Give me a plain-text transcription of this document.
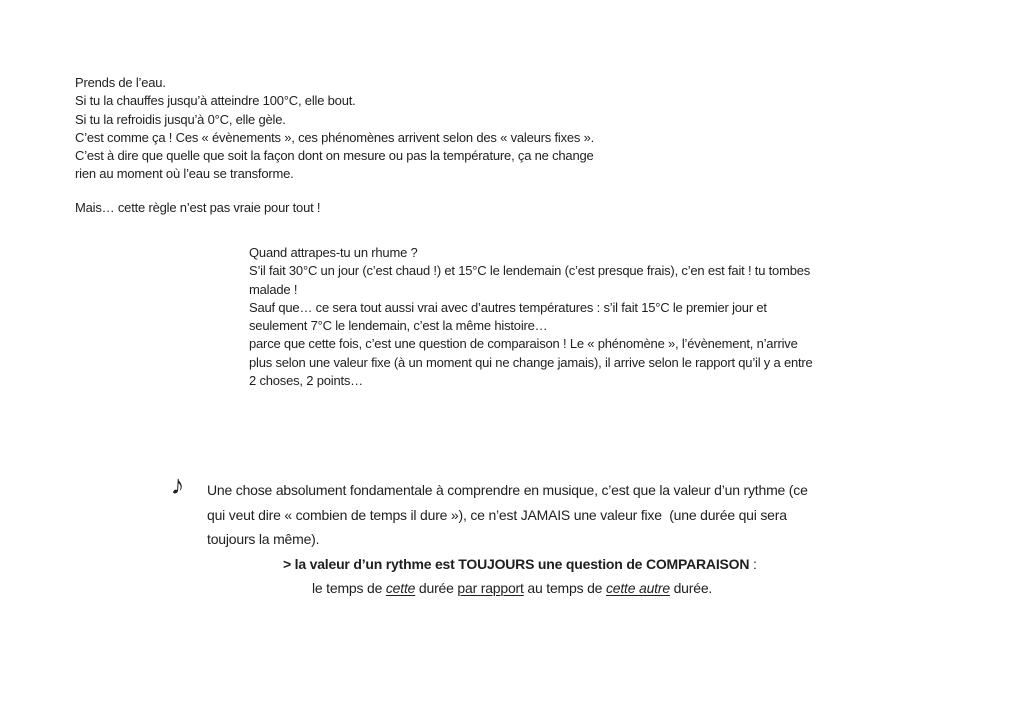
Prends de l’eau.
Si tu la chauffes jusqu’à atteindre 100°C, elle bout.
Si tu la refroidis jusqu’à 0°C, elle gèle.
C’est comme ça ! Ces « évènements », ces phénomènes arrivent selon des « valeurs fixes ».
C’est à dire que quelle que soit la façon dont on mesure ou pas la température, ça ne change
rien au moment où l’eau se transforme.
Mais… cette règle n’est pas vraie pour tout !
Quand attrapes-tu un rhume ?
S’il fait 30°C un jour (c’est chaud !) et 15°C le lendemain (c’est presque frais), c’en est fait ! tu tombes
malade !
Sauf que… ce sera tout aussi vrai avec d’autres températures : s’il fait 15°C le premier jour et
seulement 7°C le lendemain, c’est la même histoire…
parce que cette fois, c’est une question de comparaison ! Le « phénomène », l’évènement, n’arrive
plus selon une valeur fixe (à un moment qui ne change jamais), il arrive selon le rapport qu’il y a entre
2 choses, 2 points…
♪ Une chose absolument fondamentale à comprendre en musique, c’est que la valeur d’un rythme (ce
qui veut dire « combien de temps il dure »), ce n’est JAMAIS une valeur fixe  (une durée qui sera
toujours la même).
> la valeur d’un rythme est TOUJOURS une question de COMPARAISON :
le temps de cette durée par rapport au temps de cette autre durée.
